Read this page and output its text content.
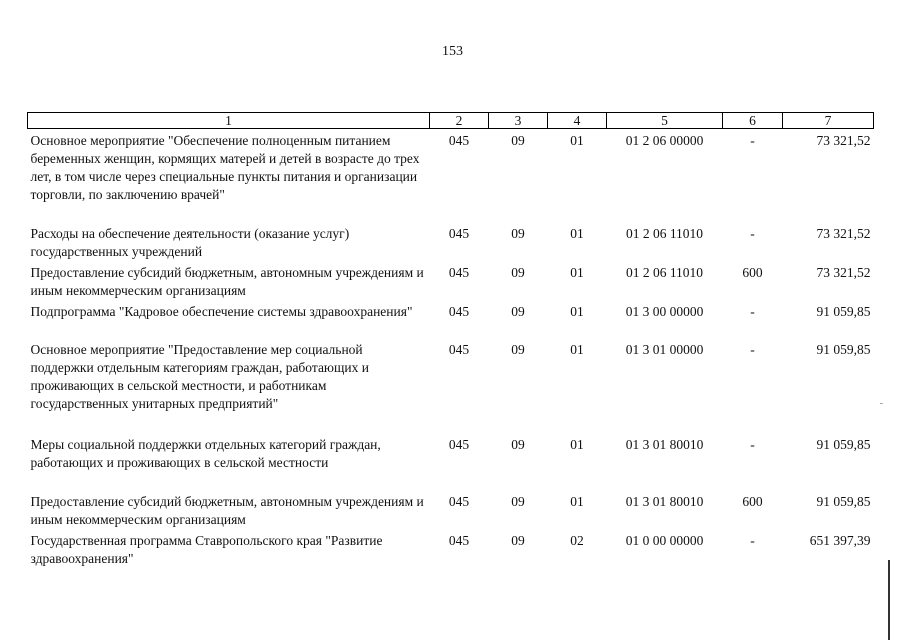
153
1	2	3	4	5	6	7
Основное мероприятие "Обеспечение полноценным питанием беременных женщин, кормящих матерей и детей в возрасте до трех лет, в том числе через специальные пункты питания и организации торговли, по заключению врачей"	045	09	01	01 2 06 00000	-	73 321,52
Расходы на обеспечение деятельности (оказание услуг) государственных учреждений	045	09	01	01 2 06 11010	-	73 321,52
Предоставление субсидий бюджетным, автономным учреждениям и иным некоммерческим организациям	045	09	01	01 2 06 11010	600	73 321,52
Подпрограмма "Кадровое обеспечение системы здравоохранения"	045	09	01	01 3 00 00000	-	91 059,85
Основное мероприятие "Предоставление мер социальной поддержки отдельным категориям граждан, работающих и проживающих в сельской местности, и работникам государственных унитарных предприятий"	045	09	01	01 3 01 00000	-	91 059,85
Меры социальной поддержки отдельных категорий граждан, работающих и проживающих в сельской местности	045	09	01	01 3 01 80010	-	91 059,85
Предоставление субсидий бюджетным, автономным учреждениям и иным некоммерческим организациям	045	09	01	01 3 01 80010	600	91 059,85
Государственная программа Ставропольского края "Развитие здравоохранения"	045	09	02	01 0 00 00000	-	651 397,39
